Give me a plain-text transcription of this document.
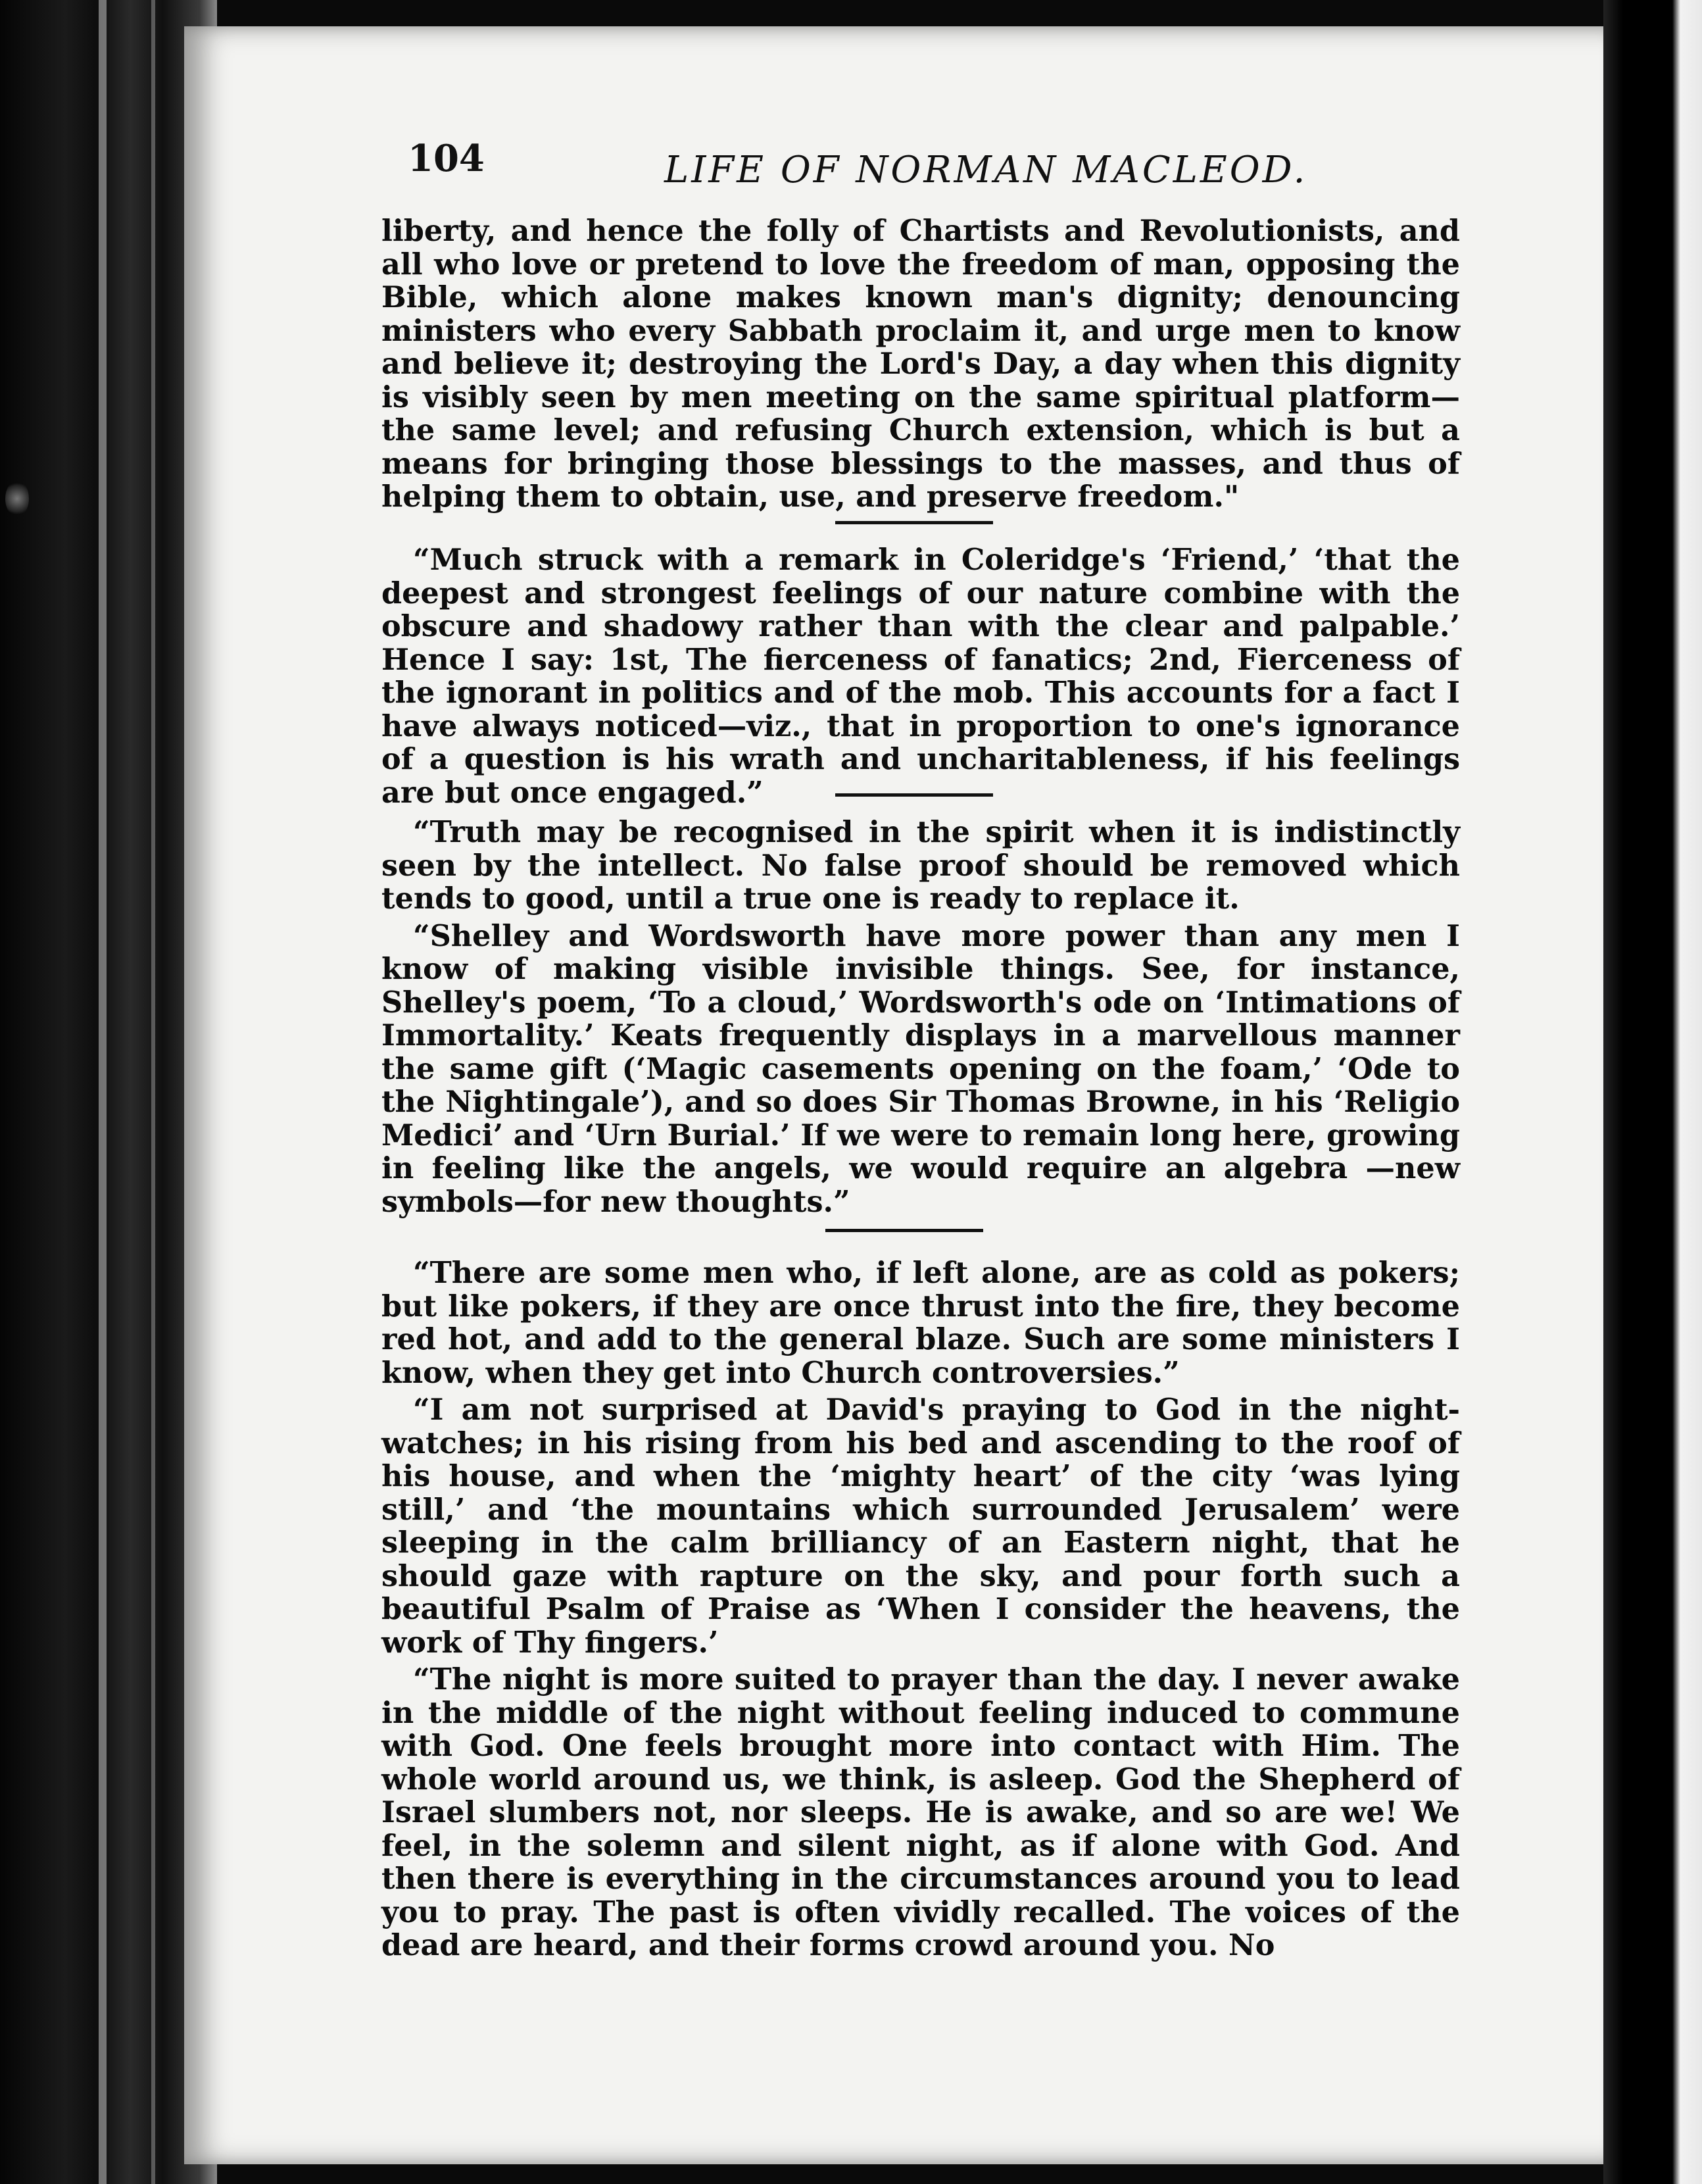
104	LIFE OF NORMAN MACLEOD.

liberty, and hence the folly of Chartists and Revolutionists, and all who love or pretend to love the freedom of man, opposing the Bible, which alone makes known man's dignity; denouncing ministers who every Sabbath proclaim it, and urge men to know and believe it; destroying the Lord's Day, a day when this dignity is visibly seen by men meeting on the same spiritual platform—the same level; and refusing Church extension, which is but a means for bringing those blessings to the masses, and thus of helping them to obtain, use, and preserve freedom."

“Much struck with a remark in Coleridge's ‘Friend,’ ‘that the deepest and strongest feelings of our nature combine with the obscure and shadowy rather than with the clear and palpable.’ Hence I say: 1st, The fierceness of fanatics; 2nd, Fierceness of the ignorant in politics and of the mob. This accounts for a fact I have always noticed—viz., that in proportion to one's ignorance of a question is his wrath and uncharitableness, if his feelings are but once engaged.”

“Truth may be recognised in the spirit when it is indistinctly seen by the intellect. No false proof should be removed which tends to good, until a true one is ready to replace it.

“Shelley and Wordsworth have more power than any men I know of making visible invisible things. See, for instance, Shelley's poem, ‘To a cloud,’ Wordsworth's ode on ‘Intimations of Immortality.’ Keats frequently displays in a marvellous manner the same gift (‘Magic casements opening on the foam,’ ‘Ode to the Nightingale’), and so does Sir Thomas Browne, in his ‘Religio Medici’ and ‘Urn Burial.’ If we were to remain long here, growing in feeling like the angels, we would require an algebra —new symbols—for new thoughts.”

“There are some men who, if left alone, are as cold as pokers; but like pokers, if they are once thrust into the fire, they become red hot, and add to the general blaze. Such are some ministers I know, when they get into Church controversies.”

“I am not surprised at David's praying to God in the night-watches; in his rising from his bed and ascending to the roof of his house, and when the ‘mighty heart’ of the city ‘was lying still,’ and ‘the mountains which surrounded Jerusalem’ were sleeping in the calm brilliancy of an Eastern night, that he should gaze with rapture on the sky, and pour forth such a beautiful Psalm of Praise as ‘When I consider the heavens, the work of Thy fingers.’

“The night is more suited to prayer than the day. I never awake in the middle of the night without feeling induced to commune with God. One feels brought more into contact with Him. The whole world around us, we think, is asleep. God the Shepherd of Israel slumbers not, nor sleeps. He is awake, and so are we! We feel, in the solemn and silent night, as if alone with God. And then there is everything in the circumstances around you to lead you to pray. The past is often vividly recalled. The voices of the dead are heard, and their forms crowd around you. No
